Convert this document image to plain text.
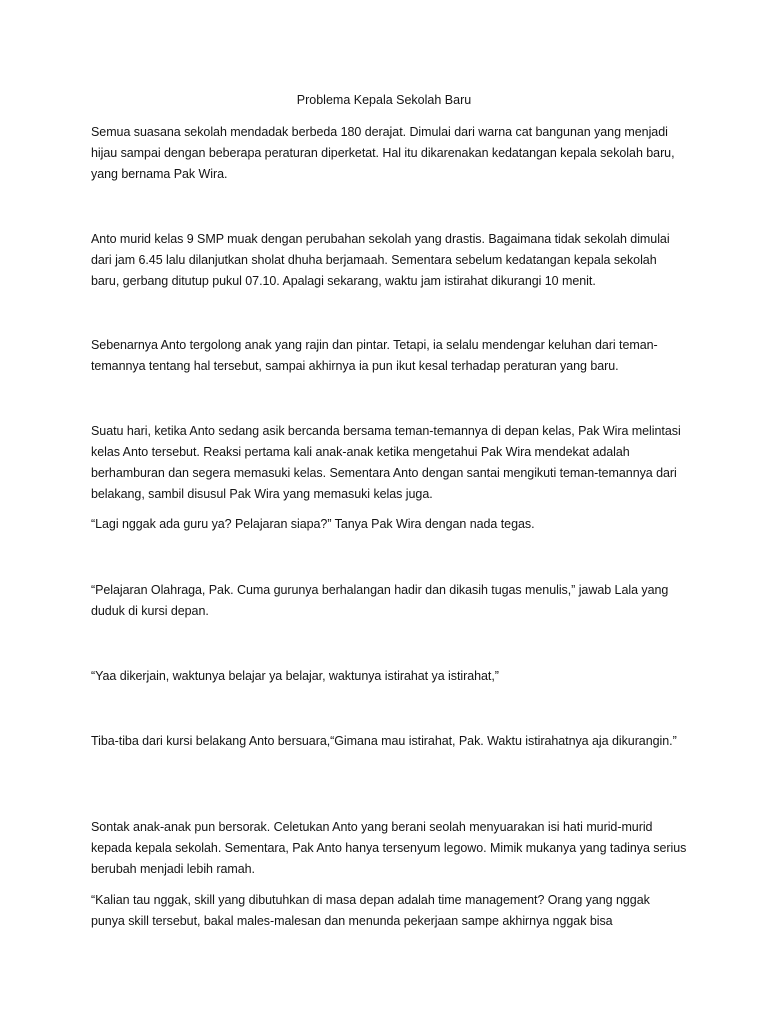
Problema Kepala Sekolah Baru

Semua suasana sekolah mendadak berbeda 180 derajat. Dimulai dari warna cat bangunan yang menjadi hijau sampai dengan beberapa peraturan diperketat. Hal itu dikarenakan kedatangan kepala sekolah baru, yang bernama Pak Wira.

Anto murid kelas 9 SMP muak dengan perubahan sekolah yang drastis. Bagaimana tidak sekolah dimulai dari jam 6.45 lalu dilanjutkan sholat dhuha berjamaah. Sementara sebelum kedatangan kepala sekolah baru, gerbang ditutup pukul 07.10. Apalagi sekarang, waktu jam istirahat dikurangi 10 menit.

Sebenarnya Anto tergolong anak yang rajin dan pintar. Tetapi, ia selalu mendengar keluhan dari teman-temannya tentang hal tersebut, sampai akhirnya ia pun ikut kesal terhadap peraturan yang baru.

Suatu hari, ketika Anto sedang asik bercanda bersama teman-temannya di depan kelas, Pak Wira melintasi kelas Anto tersebut. Reaksi pertama kali anak-anak ketika mengetahui Pak Wira mendekat adalah berhamburan dan segera memasuki kelas. Sementara Anto dengan santai mengikuti teman-temannya dari belakang, sambil disusul Pak Wira yang memasuki kelas juga.

“Lagi nggak ada guru ya? Pelajaran siapa?” Tanya Pak Wira dengan nada tegas.

“Pelajaran Olahraga, Pak. Cuma gurunya berhalangan hadir dan dikasih tugas menulis,” jawab Lala yang duduk di kursi depan.

“Yaa dikerjain, waktunya belajar ya belajar, waktunya istirahat ya istirahat,”

Tiba-tiba dari kursi belakang Anto bersuara,“Gimana mau istirahat, Pak. Waktu istirahatnya aja dikurangin.”

Sontak anak-anak pun bersorak. Celetukan Anto yang berani seolah menyuarakan isi hati murid-murid kepada kepala sekolah. Sementara, Pak Anto hanya tersenyum legowo. Mimik mukanya yang tadinya serius berubah menjadi lebih ramah.

“Kalian tau nggak, skill yang dibutuhkan di masa depan adalah time management? Orang yang nggak punya skill tersebut, bakal males-malesan dan menunda pekerjaan sampe akhirnya nggak bisa
